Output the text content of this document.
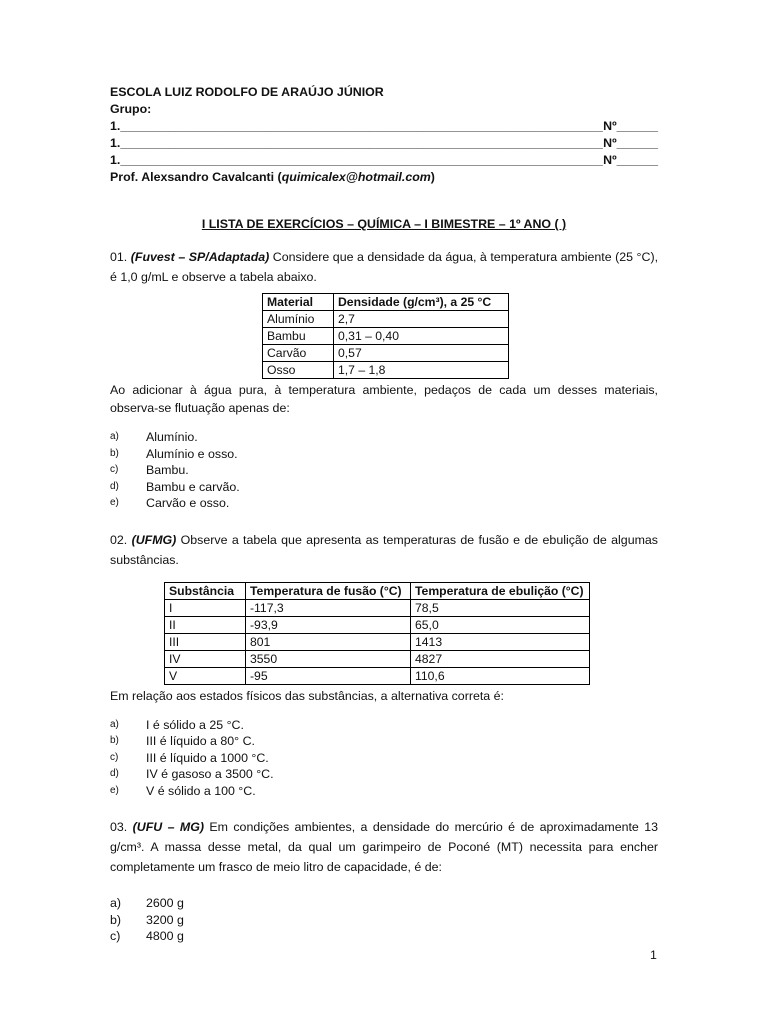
ESCOLA LUIZ RODOLFO DE ARAÚJO JÚNIOR
Grupo:
1. ______________________________________________________________________ Nº______
1. ______________________________________________________________________ Nº______
1. ______________________________________________________________________ Nº______
Prof. Alexsandro Cavalcanti (quimicalex@hotmail.com)
I LISTA DE EXERCÍCIOS – QUÍMICA – I BIMESTRE – 1º ANO ( )
01. (Fuvest – SP/Adaptada) Considere que a densidade da água, à temperatura ambiente (25 °C), é 1,0 g/mL e observe a tabela abaixo.
Material	Densidade (g/cm³), a 25 °C
Alumínio	2,7
Bambu	0,31 – 0,40
Carvão	0,57
Osso	1,7 – 1,8
Ao adicionar à água pura, à temperatura ambiente, pedaços de cada um desses materiais, observa-se flutuação apenas de:
a)	Alumínio.
b)	Alumínio e osso.
c)	Bambu.
d)	Bambu e carvão.
e)	Carvão e osso.
02. (UFMG) Observe a tabela que apresenta as temperaturas de fusão e de ebulição de algumas substâncias.
Substância	Temperatura de fusão (°C)	Temperatura de ebulição (°C)
I	-117,3	78,5
II	-93,9	65,0
III	801	1413
IV	3550	4827
V	-95	110,6
Em relação aos estados físicos das substâncias, a alternativa correta é:
a)	I é sólido a 25 °C.
b)	III é líquido a 80° C.
c)	III é líquido a 1000 °C.
d)	IV é gasoso a 3500 °C.
e)	V é sólido a 100 °C.
03. (UFU – MG) Em condições ambientes, a densidade do mercúrio é de aproximadamente 13 g/cm³. A massa desse metal, da qual um garimpeiro de Poconé (MT) necessita para encher completamente um frasco de meio litro de capacidade, é de:
a)	2600 g
b)	3200 g
c)	4800 g
1
